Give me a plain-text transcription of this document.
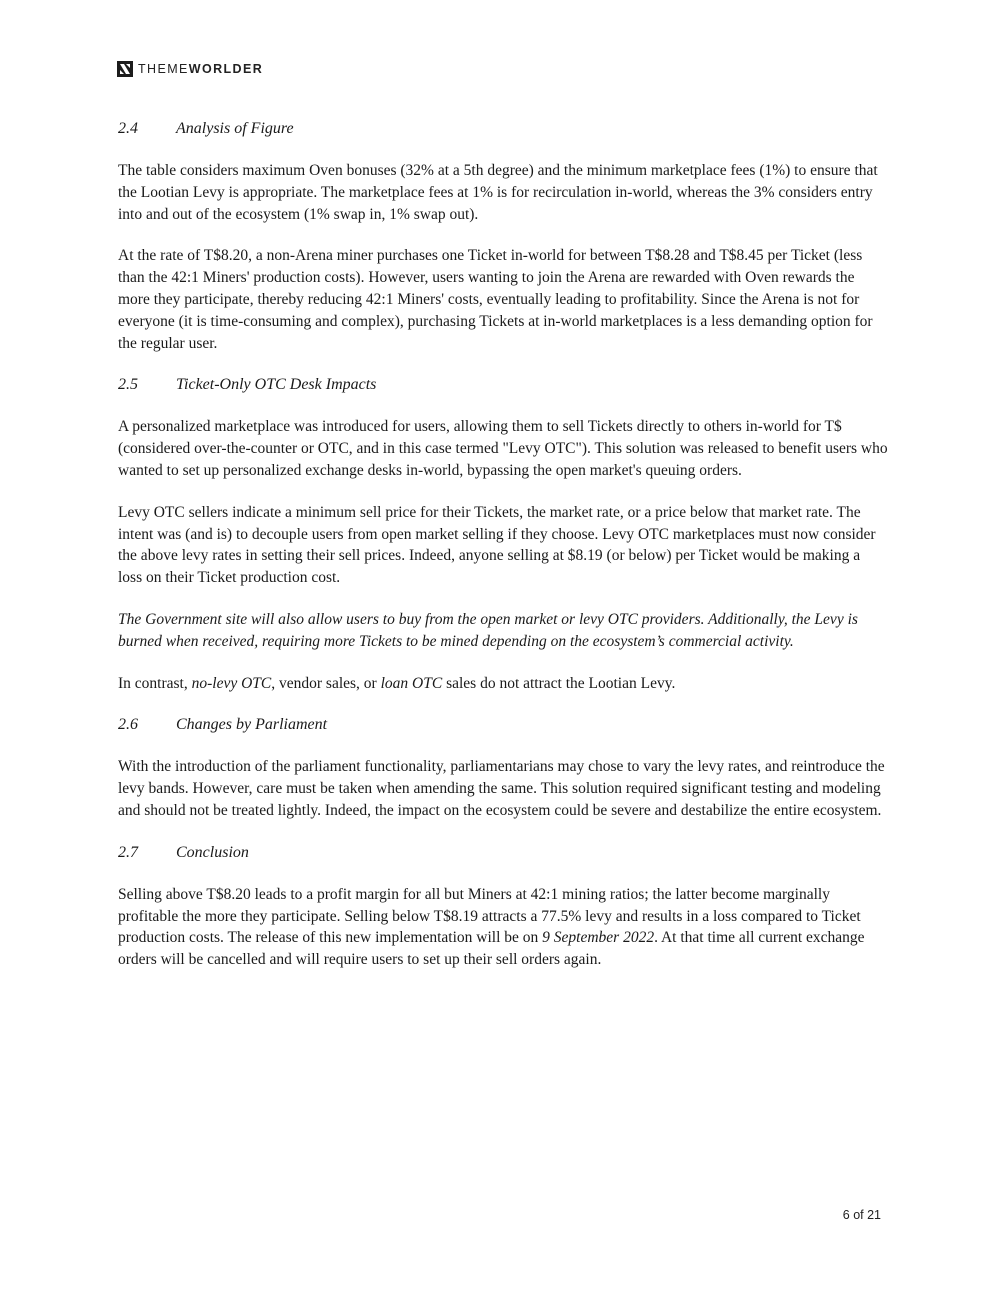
THEMEWORLDER
2.4	Analysis of Figure

The table considers maximum Oven bonuses (32% at a 5th degree) and the minimum marketplace fees (1%) to ensure that the Lootian Levy is appropriate. The marketplace fees at 1% is for recirculation in-world, whereas the 3% considers entry into and out of the ecosystem (1% swap in, 1% swap out).

At the rate of T$8.20, a non-Arena miner purchases one Ticket in-world for between T$8.28 and T$8.45 per Ticket (less than the 42:1 Miners' production costs). However, users wanting to join the Arena are rewarded with Oven rewards the more they participate, thereby reducing 42:1 Miners' costs, eventually leading to profitability. Since the Arena is not for everyone (it is time-consuming and complex), purchasing Tickets at in-world marketplaces is a less demanding option for the regular user.

2.5	Ticket-Only OTC Desk Impacts

A personalized marketplace was introduced for users, allowing them to sell Tickets directly to others in-world for T$ (considered over-the-counter or OTC, and in this case termed "Levy OTC"). This solution was released to benefit users who wanted to set up personalized exchange desks in-world, bypassing the open market's queuing orders.

Levy OTC sellers indicate a minimum sell price for their Tickets, the market rate, or a price below that market rate. The intent was (and is) to decouple users from open market selling if they choose. Levy OTC marketplaces must now consider the above levy rates in setting their sell prices. Indeed, anyone selling at $8.19 (or below) per Ticket would be making a loss on their Ticket production cost.

The Government site will also allow users to buy from the open market or levy OTC providers. Additionally, the Levy is burned when received, requiring more Tickets to be mined depending on the ecosystem’s commercial activity.

In contrast, no-levy OTC, vendor sales, or loan OTC sales do not attract the Lootian Levy.

2.6	Changes by Parliament

With the introduction of the parliament functionality, parliamentarians may chose to vary the levy rates, and reintroduce the levy bands. However, care must be taken when amending the same. This solution required significant testing and modeling and should not be treated lightly. Indeed, the impact on the ecosystem could be severe and destabilize the entire ecosystem.

2.7	Conclusion

Selling above T$8.20 leads to a profit margin for all but Miners at 42:1 mining ratios; the latter become marginally profitable the more they participate. Selling below T$8.19 attracts a 77.5% levy and results in a loss compared to Ticket production costs. The release of this new implementation will be on 9 September 2022. At that time all current exchange orders will be cancelled and will require users to set up their sell orders again.

6 of 21
